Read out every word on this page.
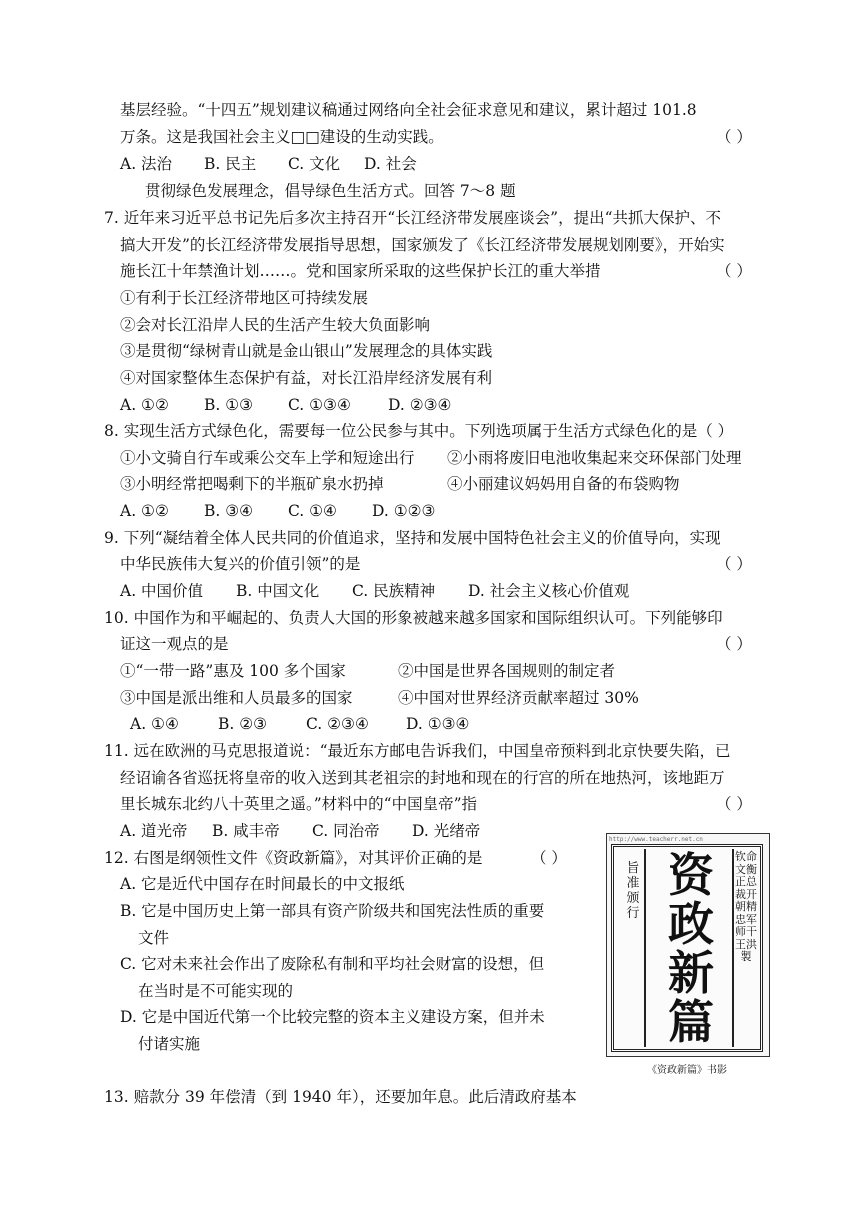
基层经验。“十四五”规划建议稿通过网络向全社会征求意见和建议，累计超过 101.8
万条。这是我国社会主义□□建设的生动实践。	（ ）
A. 法治 B. 民主 C. 文化 D. 社会
贯彻绿色发展理念，倡导绿色生活方式。回答 7～8 题
7. 近年来习近平总书记先后多次主持召开“长江经济带发展座谈会”，提出“共抓大保护、不
搞大开发”的长江经济带发展指导思想，国家颁发了《长江经济带发展规划刚要》，开始实
施长江十年禁渔计划……。党和国家所采取的这些保护长江的重大举措	（ ）
①有利于长江经济带地区可持续发展
②会对长江沿岸人民的生活产生较大负面影响
③是贯彻“绿树青山就是金山银山”发展理念的具体实践
④对国家整体生态保护有益，对长江沿岸经济发展有利
A. ①② B. ①③ C. ①③④ D. ②③④
8. 实现生活方式绿色化，需要每一位公民参与其中。下列选项属于生活方式绿色化的是（ ）
①小文骑自行车或乘公交车上学和短途出行 ②小雨将废旧电池收集起来交环保部门处理
③小明经常把喝剩下的半瓶矿泉水扔掉	④小丽建议妈妈用自备的布袋购物
A. ①② B. ③④ C. ①④ D. ①②③
9. 下列“凝结着全体人民共同的价值追求，坚持和发展中国特色社会主义的价值导向，实现
中华民族伟大复兴的价值引领”的是	（ ）
A. 中国价值 B. 中国文化 C. 民族精神 D. 社会主义核心价值观
10. 中国作为和平崛起的、负责人大国的形象被越来越多国家和国际组织认可。下列能够印
证这一观点的是	（ ）
①“一带一路”惠及 100 多个国家	②中国是世界各国规则的制定者
③中国是派出维和人员最多的国家	④中国对世界经济贡献率超过 30%
A. ①④	B. ②③	C. ②③④ D. ①③④
11. 远在欧洲的马克思报道说：“最近东方邮电告诉我们，中国皇帝预料到北京快要失陷，已
经诏谕各省巡抚将皇帝的收入送到其老祖宗的封地和现在的行宫的所在地热河，该地距万
里长城东北约八十英里之遥。”材料中的“中国皇帝”指	（ ）
A. 道光帝 B. 咸丰帝 C. 同治帝 D. 光绪帝
12. 右图是纲领性文件《资政新篇》，对其评价正确的是	（ ）
A. 它是近代中国存在时间最长的中文报纸
B. 它是中国历史上第一部具有资产阶级共和国宪法性质的重要
文件
C. 它对未来社会作出了废除私有制和平均社会财富的设想，但
在当时是不可能实现的
D. 它是中国近代第一个比较完整的资本主义建设方案，但并未
付诸实施
http://www.teacherr.net.cn
旨准颁行
资政新篇
钦命文衡正总裁开朝精忠军师干王洪 製
《资政新篇》书影
13. 赔款分 39 年偿清（到 1940 年），还要加年息。此后清政府基本
